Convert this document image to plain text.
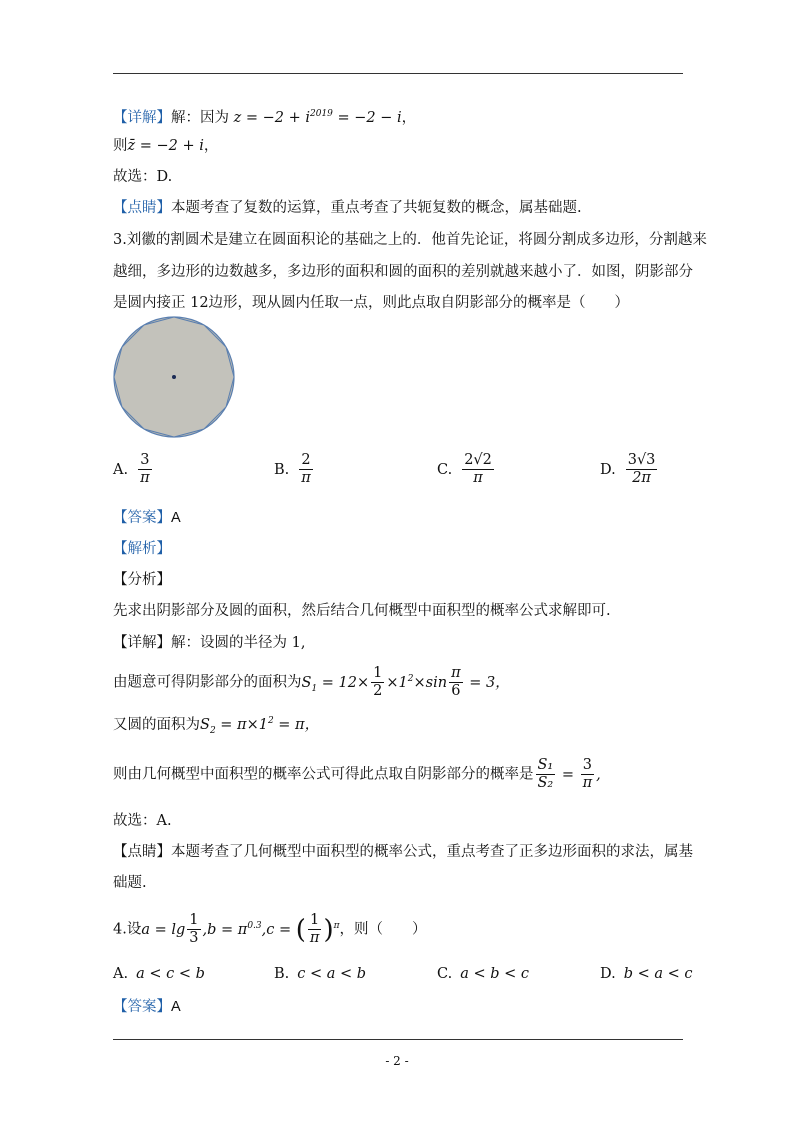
【详解】解：因为 $z = -2 + i^{2019} = -2 - i$，
则z̄ = −2 + i，
故选：D.
【点睛】本题考查了复数的运算，重点考查了共轭复数的概念，属基础题.
3.刘徽的割圆术是建立在圆面积论的基础之上的．他首先论证，将圆分割成多边形，分割越来
越细，多边形的边数越多，多边形的面积和圆的面积的差别就越来越小了．如图，阴影部分
是圆内接正 12边形，现从圆内任取一点，则此点取自阴影部分的概率是（　　）
A. $\frac{3}{\pi}$	B. $\frac{2}{\pi}$	C. $\frac{2√2}{\pi}$	D. $\frac{3√3}{2\pi}$
【答案】A
【解析】
【分析】
先求出阴影部分及圆的面积，然后结合几何概型中面积型的概率公式求解即可.
【详解】解：设圆的半径为 1,
由题意可得阴影部分的面积为$S_1 = 12\times \frac{1}{2} \times 1^2\times\sin \frac{\pi}{6} = 3$，
又圆的面积为$S_2 = \pi\times 1^2 = \pi$，
则由几何概型中面积型的概率公式可得此点取自阴影部分的概率是 $\frac{\text{S₁}}{\text{S₂}} = \frac{3}{\pi}$ ,
故选：A.
【点睛】本题考查了几何概型中面积型的概率公式，重点考查了正多边形面积的求法，属基
础题.
4.设$a = \lg \frac{1}{3} ,b = \pi^{0.3},c$ = ( $\frac{1}{\pi} )^\pi$，则（　　）
A. a < c < b	B. c < a < b	C. a < b < c	D. b < a < c
【答案】A
- 2 -
